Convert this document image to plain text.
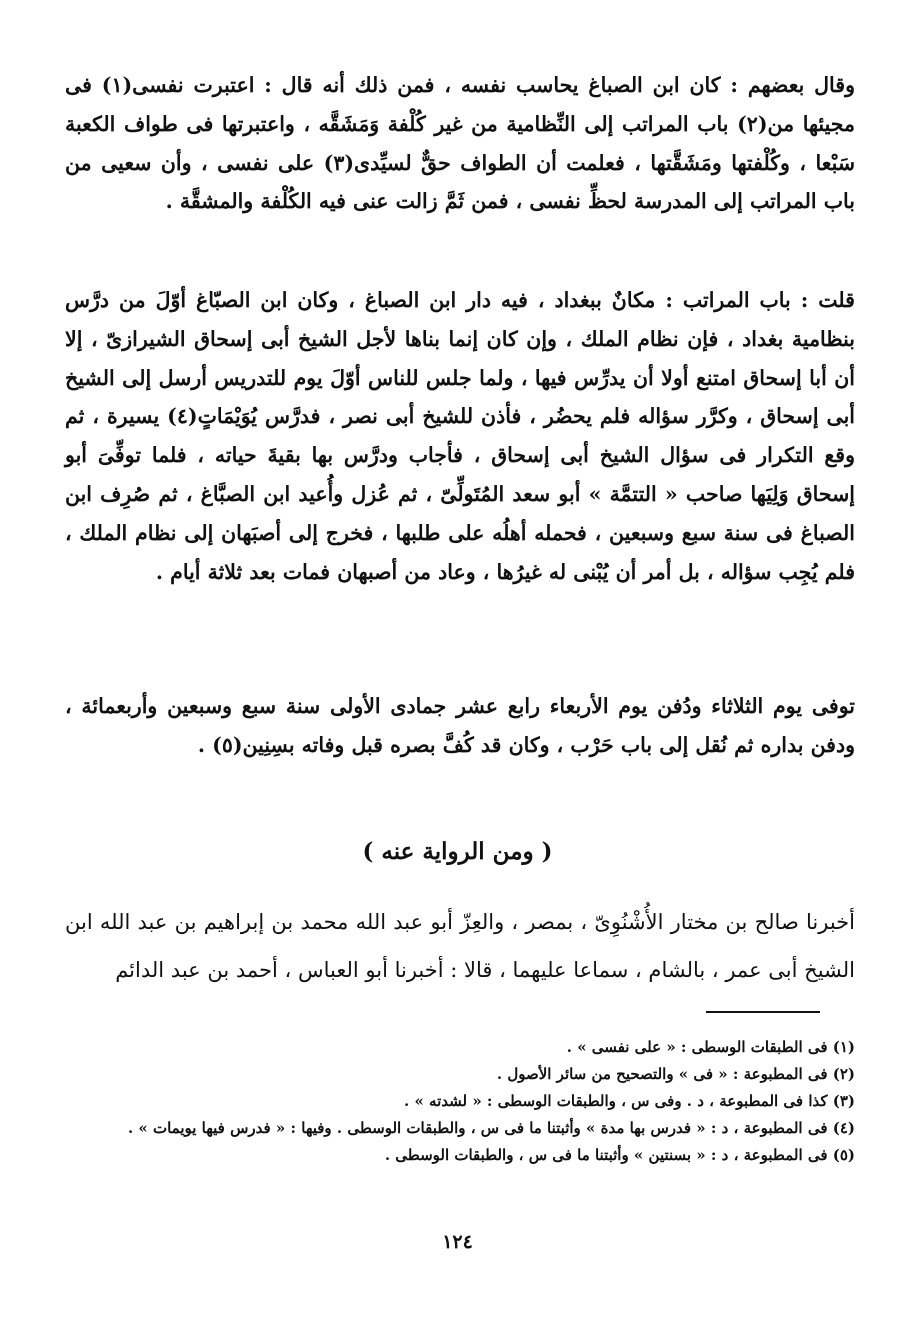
وقال بعضهم : كان ابن الصباغ يحاسب نفسه ، فمن ذلك أنه قال : اعتبرت نفسى(١) فى مجيئها من(٢) باب المراتب إلى النِّظامية من غير كُلْفة وَمَشَقَّه ، واعتبرتها فى طواف الكعبة سَبْعا ، وكُلْفتها ومَشَقَّتها ، فعلمت أن الطواف حقٌّ لسيِّدى(٣) على نفسى ، وأن سعيى من باب المراتب إلى المدرسة لحظِّ نفسى ، فمن ثَمَّ زالت عنى فيه الكُلْفة والمشقَّة .

قلت : باب المراتب : مكانٌ ببغداد ، فيه دار ابن الصباغ ، وكان ابن الصبّاغ أوّلَ من درَّس بنظامية بغداد ، فإن نظام الملك ، وإن كان إنما بناها لأجل الشيخ أبى إسحاق الشيرازىّ ، إلا أن أبا إسحاق امتنع أولا أن يدرِّس فيها ، ولما جلس للناس أوّلَ يوم للتدريس أرسل إلى الشيخ أبى إسحاق ، وكرَّر سؤاله فلم يحضُر ، فأذن للشيخ أبى نصر ، فدرَّس يُوَيْمَاتٍ(٤) يسيرة ، ثم وقع التكرار فى سؤال الشيخ أبى إسحاق ، فأجاب ودرَّس بها بقيةَ حياته ، فلما توفِّىَ أبو إسحاق وَلِيَها صاحب « التتمَّة » أبو سعد المُتَولِّىّ ، ثم عُزل وأُعيد ابن الصبَّاغ ، ثم صُرِف ابن الصباغ فى سنة سبع وسبعين ، فحمله أهلُه على طلبها ، فخرج إلى أصبَهان إلى نظام الملك ، فلم يُجِب سؤاله ، بل أمر أن يُبْنى له غيرُها ، وعاد من أصبهان فمات بعد ثلاثة أيام .

توفى يوم الثلاثاء ودُفن يوم الأربعاء رابع عشر جمادى الأولى سنة سبع وسبعين وأربعمائة ، ودفن بداره ثم نُقل إلى باب حَرْب ، وكان قد كُفَّ بصره قبل وفاته بسِنِين(٥) .

( ومن الرواية عنه )

أخبرنا صالح بن مختار الأُشْنُوِىّ ، بمصر ، والعِزّ أبو عبد الله محمد بن إبراهيم بن عبد الله ابن الشيخ أبى عمر ، بالشام ، سماعا عليهما ، قالا : أخبرنا أبو العباس ، أحمد بن عبد الدائم

(١) فى الطبقات الوسطى : « على نفسى » .
(٢) فى المطبوعة : « فى » والتصحيح من سائر الأصول .
(٣) كذا فى المطبوعة ، د . وفى س ، والطبقات الوسطى : « لشدته » .
(٤) فى المطبوعة ، د : « فدرس بها مدة » وأثبتنا ما فى س ، والطبقات الوسطى . وفيها : « فدرس فيها يويمات » .
(٥) فى المطبوعة ، د : « بسنتين » وأثبتنا ما فى س ، والطبقات الوسطى .

١٢٤
